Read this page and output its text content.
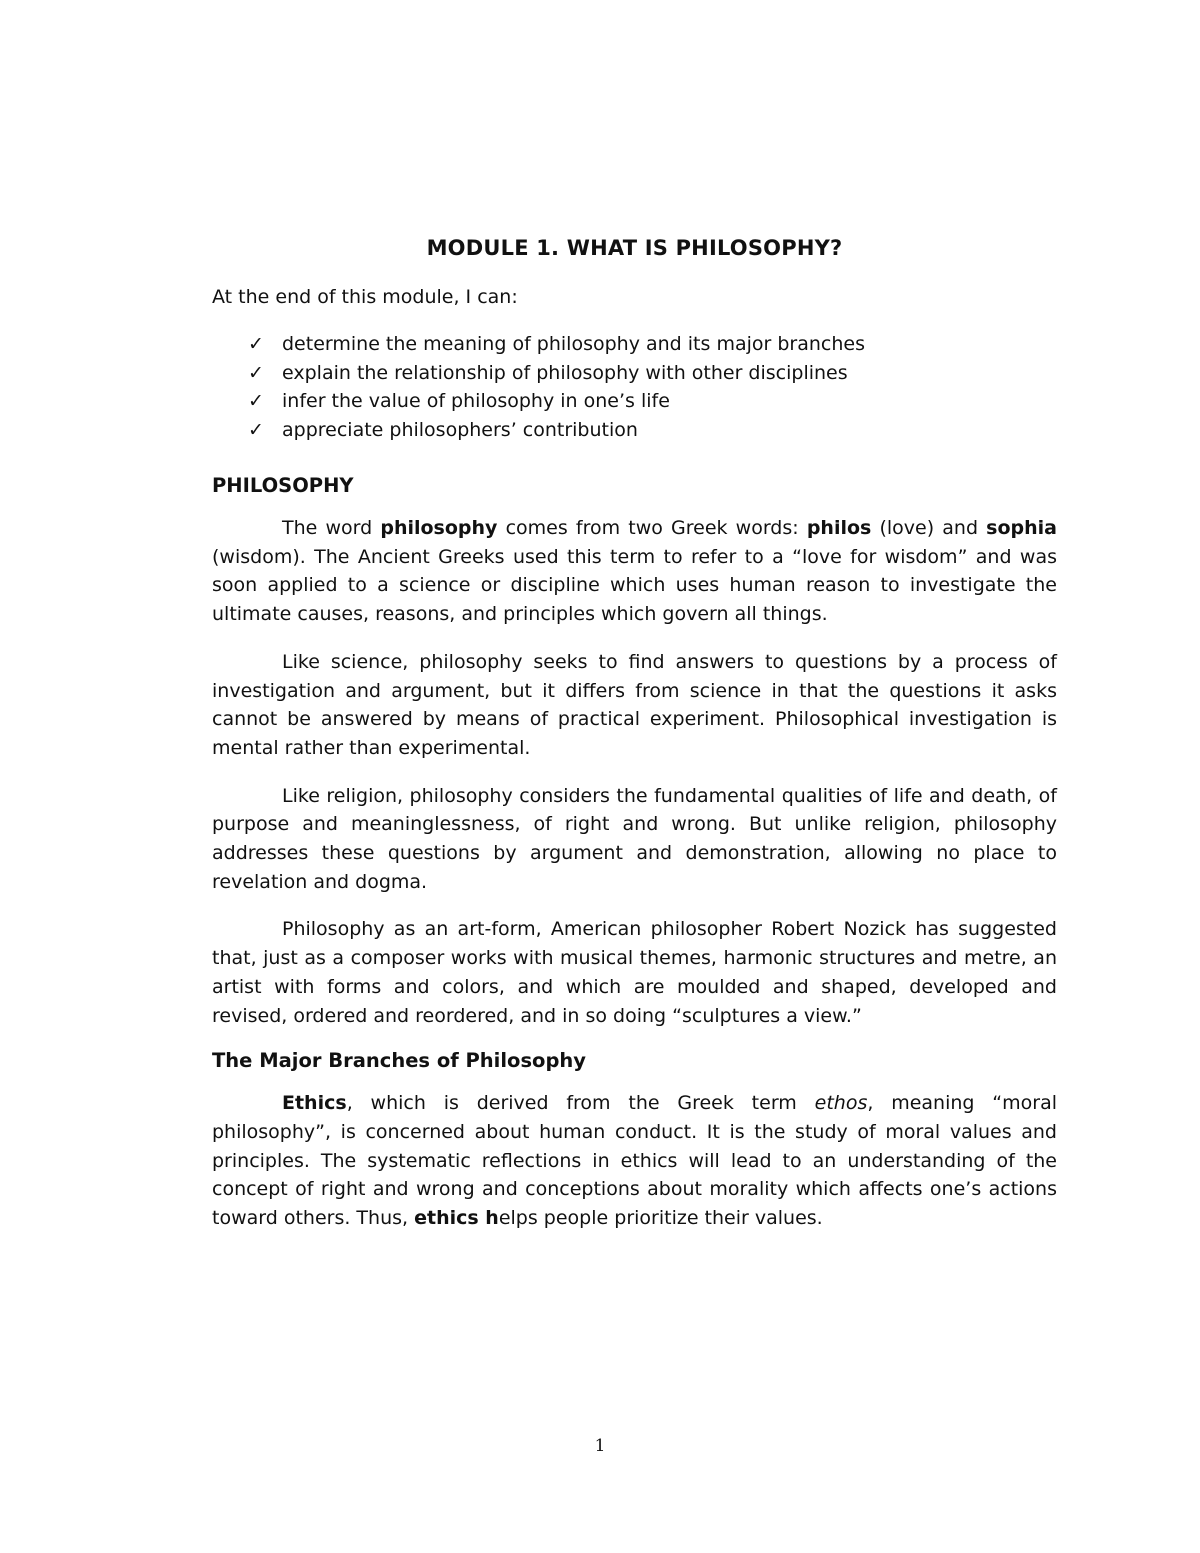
MODULE 1. WHAT IS PHILOSOPHY?
At the end of this module, I can:
✓ determine the meaning of philosophy and its major branches
✓ explain the relationship of philosophy with other disciplines
✓ infer the value of philosophy in one’s life
✓ appreciate philosophers’ contribution
PHILOSOPHY

The word philosophy comes from two Greek words: philos (love) and sophia (wisdom). The Ancient Greeks used this term to refer to a “love for wisdom” and was soon applied to a science or discipline which uses human reason to investigate the ultimate causes, reasons, and principles which govern all things.

Like science, philosophy seeks to find answers to questions by a process of investigation and argument, but it differs from science in that the questions it asks cannot be answered by means of practical experiment. Philosophical investigation is mental rather than experimental.

Like religion, philosophy considers the fundamental qualities of life and death, of purpose and meaninglessness, of right and wrong. But unlike religion, philosophy addresses these questions by argument and demonstration, allowing no place to revelation and dogma.

Philosophy as an art-form, American philosopher Robert Nozick has suggested that, just as a composer works with musical themes, harmonic structures and metre, an artist with forms and colors, and which are moulded and shaped, developed and revised, ordered and reordered, and in so doing “sculptures a view.”

The Major Branches of Philosophy

Ethics, which is derived from the Greek term ethos, meaning “moral philosophy”, is concerned about human conduct. It is the study of moral values and principles. The systematic reflections in ethics will lead to an understanding of the concept of right and wrong and conceptions about morality which affects one’s actions toward others. Thus, ethics helps people prioritize their values.

1
